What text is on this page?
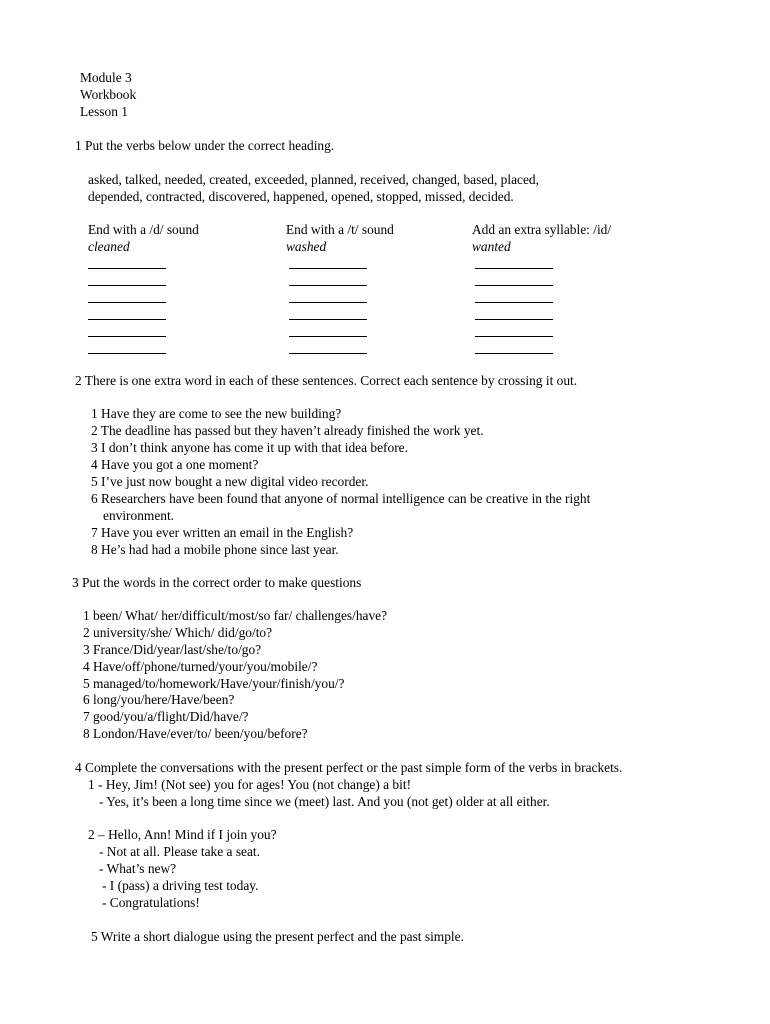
Module 3
Workbook
Lesson 1
1 Put the verbs below under the correct heading.
asked, talked, needed, created, exceeded, planned, received, changed, based, placed,
depended, contracted, discovered, happened, opened, stopped, missed, decided.
End with a /d/ sound
cleaned
End with a /t/ sound
washed
Add an extra syllable: /id/
wanted
2 There is one extra word in each of these sentences. Correct each sentence by crossing it out.
1 Have they are come to see the new building?
2 The deadline has passed but they haven’t already finished the work yet.
3 I don’t think anyone has come it up with that idea before.
4 Have you got a one moment?
5 I’ve just now bought a new digital video recorder.
6 Researchers have been found that anyone of normal intelligence can be creative in the right
environment.
7 Have you ever written an email in the English?
8 He’s had had a mobile phone since last year.
3 Put the words in the correct order to make questions
1 been/ What/ her/difficult/most/so far/ challenges/have?
2 university/she/ Which/ did/go/to?
3 France/Did/year/last/she/to/go?
4 Have/off/phone/turned/your/you/mobile/?
5 managed/to/homework/Have/your/finish/you/?
6 long/you/here/Have/been?
7 good/you/a/flight/Did/have/?
8 London/Have/ever/to/ been/you/before?
4 Complete the conversations with the present perfect or the past simple form of the verbs in brackets.
1 - Hey, Jim! (Not see) you for ages! You (not change) a bit!
- Yes, it’s been a long time since we (meet) last. And you (not get) older at all either.
2 – Hello, Ann! Mind if I join you?
- Not at all. Please take a seat.
- What’s new?
- I (pass) a driving test today.
- Congratulations!
5 Write a short dialogue using the present perfect and the past simple.
